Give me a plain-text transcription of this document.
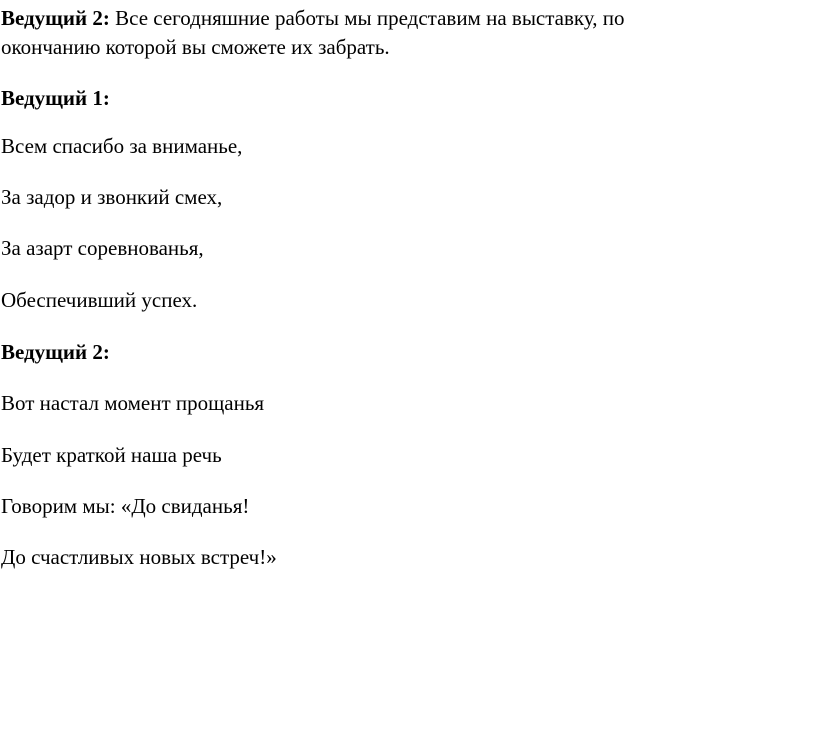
Ведущий 2: Все сегодняшние работы мы представим на выставку, по
окончанию которой вы сможете их забрать.
Ведущий 1:
Всем спасибо за вниманье,
За задор и звонкий смех,
За азарт соревнованья,
Обеспечивший успех.
Ведущий 2:
Вот настал момент прощанья
Будет краткой наша речь
Говорим мы: «До свиданья!
До счастливых новых встреч!»
